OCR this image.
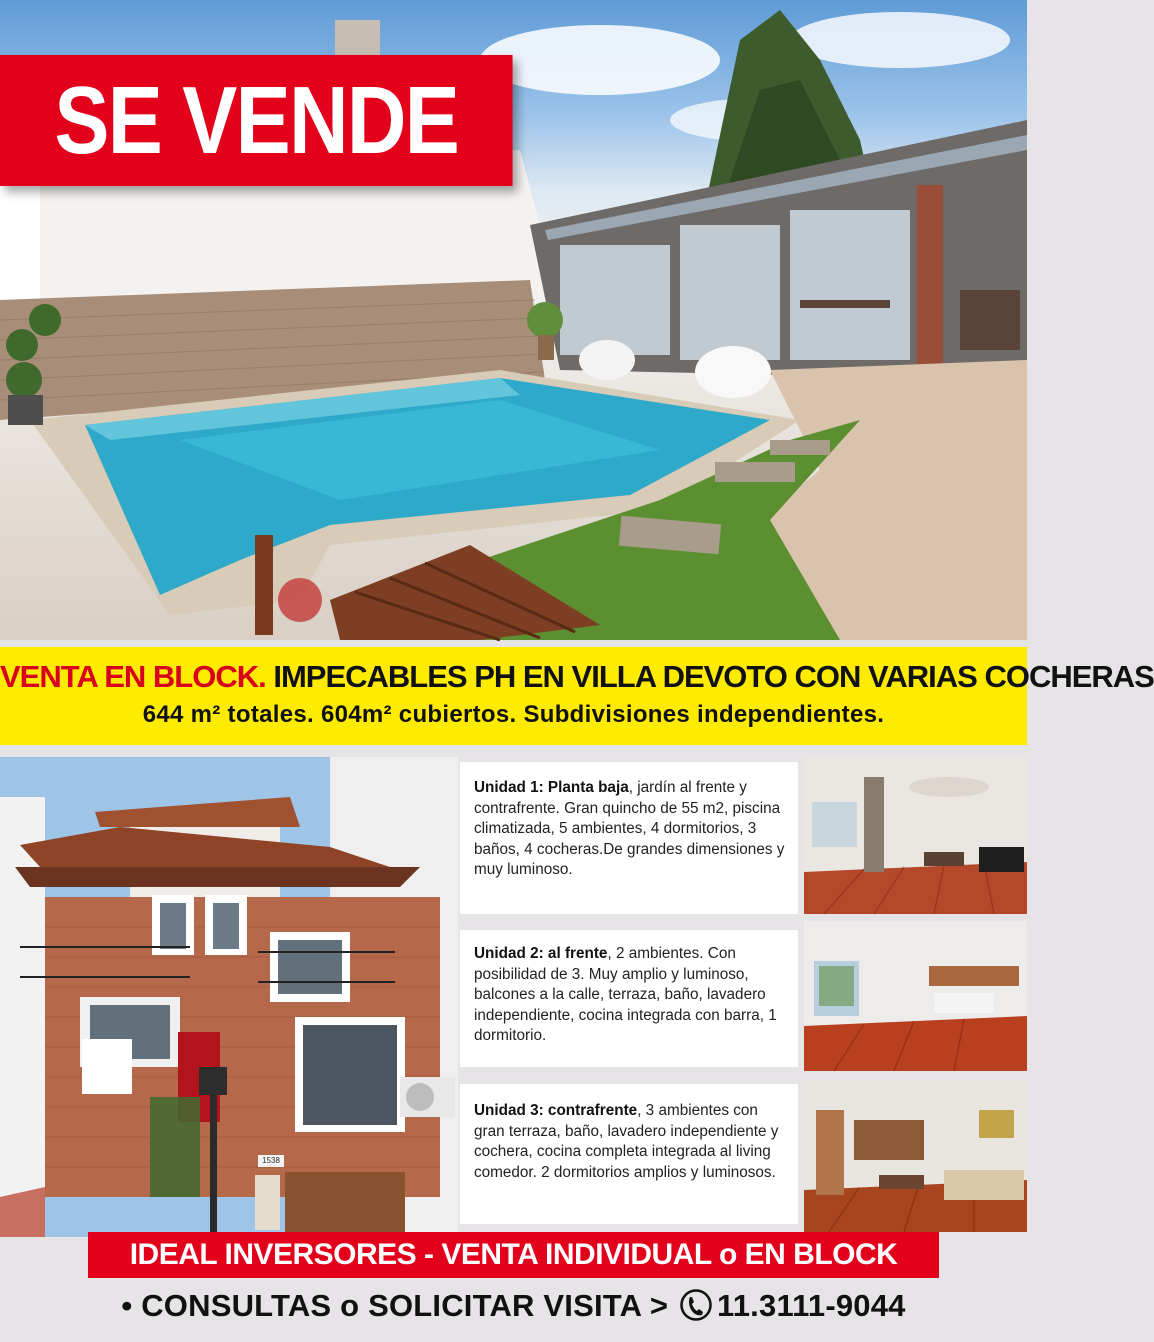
SE VENDE
VENTA EN BLOCK. IMPECABLES PH EN VILLA DEVOTO CON VARIAS COCHERAS
644 m² totales. 604m² cubiertos. Subdivisiones independientes.
1538
Unidad 1: Planta baja, jardín al frente y contrafrente. Gran quincho de 55 m2, piscina climatizada, 5 ambientes, 4 dormitorios, 3 baños, 4 cocheras.De grandes dimensiones y muy luminoso.
Unidad 2: al frente, 2 ambientes. Con posibilidad de 3. Muy amplio y luminoso, balcones a la calle, terraza, baño, lavadero independiente, cocina integrada con barra, 1 dormitorio.
Unidad 3: contrafrente, 3 ambientes con gran terraza, baño, lavadero independiente y cochera, cocina completa integrada al living comedor. 2 dormitorios amplios y luminosos.
IDEAL INVERSORES - VENTA INDIVIDUAL o EN BLOCK
• CONSULTAS o SOLICITAR VISITA > 11.3111-9044
